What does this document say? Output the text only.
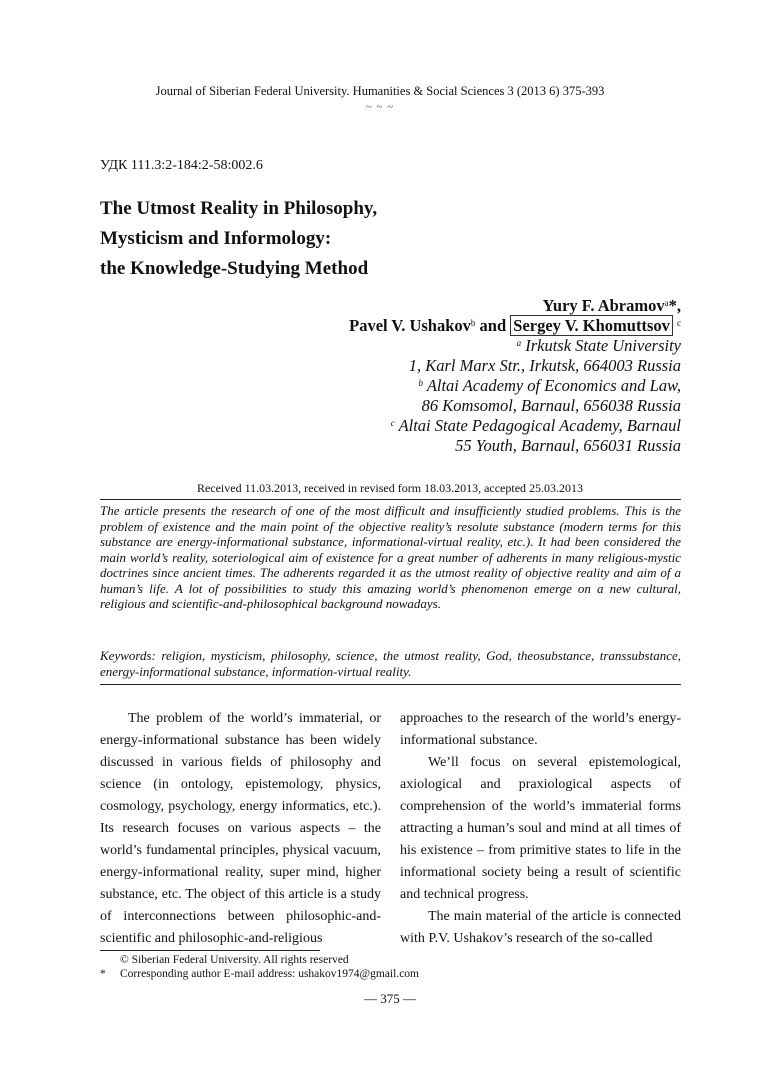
Journal of Siberian Federal University. Humanities & Social Sciences 3 (2013 6) 375-393
~ ~ ~
УДК 111.3:2-184:2-58:002.6
The Utmost Reality in Philosophy,
Mysticism and Informology:
the Knowledge-Studying Method
Yury F. Abramov$^a$*,
Pavel V. Ushakov$^b$ and Sergey V. Khomuttsov $^c$
$^a$ Irkutsk State University
1, Karl Marx Str., Irkutsk, 664003 Russia
$^b$ Altai Academy of Economics and Law,
86 Komsomol, Barnaul, 656038 Russia
$^c$ Altai State Pedagogical Academy, Barnaul
55 Youth, Barnaul, 656031 Russia
Received 11.03.2013, received in revised form 18.03.2013, accepted 25.03.2013
The article presents the research of one of the most difficult and insufficiently studied problems. This is the problem of existence and the main point of the objective reality’s resolute substance (modern terms for this substance are energy-informational substance, informational-virtual reality, etc.). It had been considered the main world’s reality, soteriological aim of existence for a great number of adherents in many religious-mystic doctrines since ancient times. The adherents regarded it as the utmost reality of objective reality and aim of a human’s life. A lot of possibilities to study this amazing world’s phenomenon emerge on a new cultural, religious and scientific-and-philosophical background nowadays.
Keywords: religion, mysticism, philosophy, science, the utmost reality, God, theosubstance, transsubstance, energy-informational substance, information-virtual reality.

The problem of the world’s immaterial, or energy-informational substance has been widely discussed in various fields of philosophy and science (in ontology, epistemology, physics, cosmology, psychology, energy informatics, etc.). Its research focuses on various aspects – the world’s fundamental principles, physical vacuum, energy-informational reality, super mind, higher substance, etc. The object of this article is a study of interconnections between philosophic-and-scientific and philosophic-and-religious

approaches to the research of the world’s energy-informational substance.

We’ll focus on several epistemological, axiological and praxiological aspects of comprehension of the world’s immaterial forms attracting a human’s soul and mind at all times of his existence – from primitive states to life in the informational society being a result of scientific and technical progress.

The main material of the article is connected with P.V. Ushakov’s research of the so-called

© Siberian Federal University. All rights reserved
* Corresponding author E-mail address: ushakov1974@gmail.com
— 375 —
